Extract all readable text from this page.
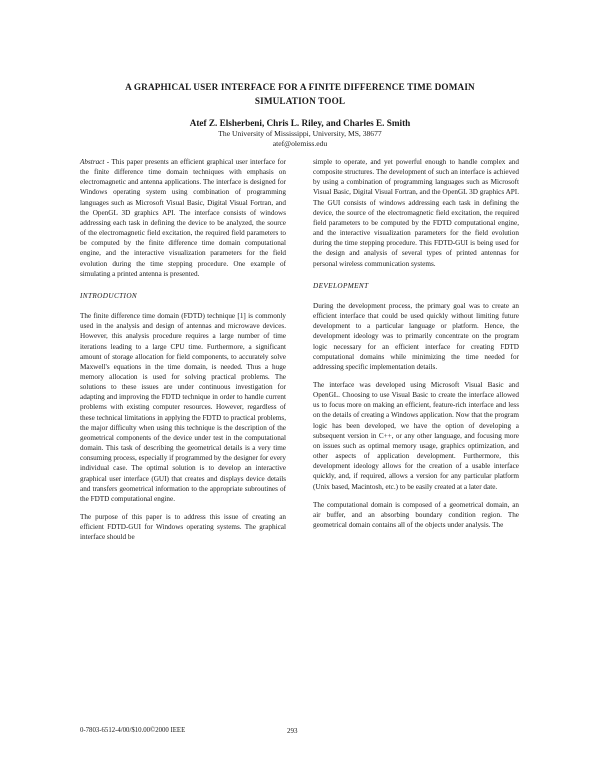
A GRAPHICAL USER INTERFACE FOR A FINITE DIFFERENCE TIME DOMAIN
SIMULATION TOOL
Atef Z. Elsherbeni, Chris L. Riley, and Charles E. Smith
The University of Mississippi, University, MS, 38677
atef@olemiss.edu

Abstract - This paper presents an efficient graphical user interface for the finite difference time domain techniques with emphasis on electromagnetic and antenna applications. The interface is designed for Windows operating system using combination of programming languages such as Microsoft Visual Basic, Digital Visual Fortran, and the OpenGL 3D graphics API. The interface consists of windows addressing each task in defining the device to be analyzed, the source of the electromagnetic field excitation, the required field parameters to be computed by the finite difference time domain computational engine, and the interactive visualization parameters for the field evolution during the time stepping procedure. One example of simulating a printed antenna is presented.

INTRODUCTION

The finite difference time domain (FDTD) technique [1] is commonly used in the analysis and design of antennas and microwave devices. However, this analysis procedure requires a large number of time iterations leading to a large CPU time. Furthermore, a significant amount of storage allocation for field components, to accurately solve Maxwell's equations in the time domain, is needed. Thus a huge memory allocation is used for solving practical problems. The solutions to these issues are under continuous investigation for adapting and improving the FDTD technique in order to handle current problems with existing computer resources. However, regardless of these technical limitations in applying the FDTD to practical problems, the major difficulty when using this technique is the description of the geometrical components of the device under test in the computational domain. This task of describing the geometrical details is a very time consuming process, especially if programmed by the designer for every individual case. The optimal solution is to develop an interactive graphical user interface (GUI) that creates and displays device details and transfers geometrical information to the appropriate subroutines of the FDTD computational engine.

The purpose of this paper is to address this issue of creating an efficient FDTD-GUI for Windows operating systems. The graphical interface should be

simple to operate, and yet powerful enough to handle complex and composite structures. The development of such an interface is achieved by using a combination of programming languages such as Microsoft Visual Basic, Digital Visual Fortran, and the OpenGL 3D graphics API. The GUI consists of windows addressing each task in defining the device, the source of the electromagnetic field excitation, the required field parameters to be computed by the FDTD computational engine, and the interactive visualization parameters for the field evolution during the time stepping procedure. This FDTD-GUI is being used for the design and analysis of several types of printed antennas for personal wireless communication systems.

DEVELOPMENT

During the development process, the primary goal was to create an efficient interface that could be used quickly without limiting future development to a particular language or platform. Hence, the development ideology was to primarily concentrate on the program logic necessary for an efficient interface for creating FDTD computational domains while minimizing the time needed for addressing specific implementation details.

The interface was developed using Microsoft Visual Basic and OpenGL. Choosing to use Visual Basic to create the interface allowed us to focus more on making an efficient, feature-rich interface and less on the details of creating a Windows application. Now that the program logic has been developed, we have the option of developing a subsequent version in C++, or any other language, and focusing more on issues such as optimal memory usage, graphics optimization, and other aspects of application development. Furthermore, this development ideology allows for the creation of a usable interface quickly, and, if required, allows a version for any particular platform (Unix based, Macintosh, etc.) to be easily created at a later date.

The computational domain is composed of a geometrical domain, an air buffer, and an absorbing boundary condition region. The geometrical domain contains all of the objects under analysis. The

0-7803-6512-4/00/$10.00©2000 IEEE	293
